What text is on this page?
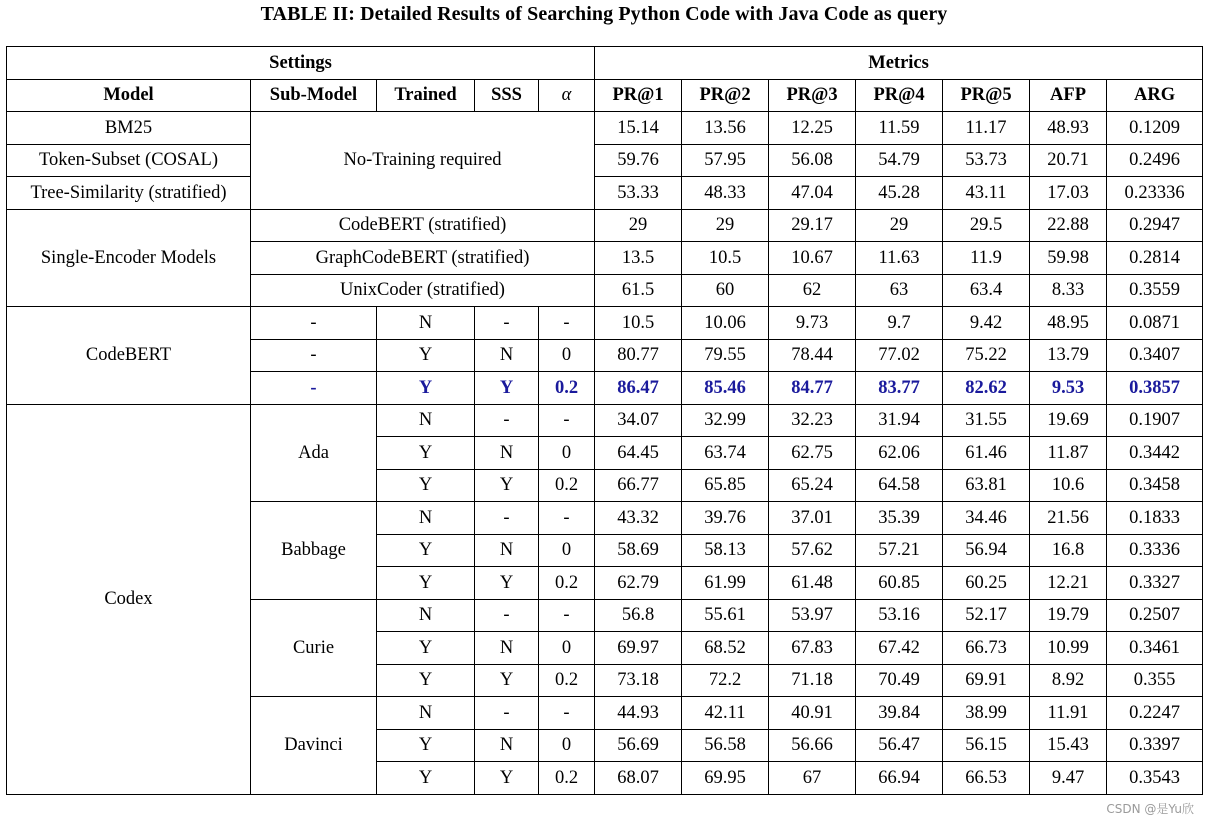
TABLE II: Detailed Results of Searching Python Code with Java Code as query
Settings					Metrics						
Model	Sub-Model	Trained	SSS	α	PR@1	PR@2	PR@3	PR@4	PR@5	AFP	ARG
BM25	No-Training required				15.14	13.56	12.25	11.59	11.17	48.93	0.1209
Token-Subset (COSAL)					59.76	57.95	56.08	54.79	53.73	20.71	0.2496
Tree-Similarity (stratified)					53.33	48.33	47.04	45.28	43.11	17.03	0.23336
Single-Encoder Models	CodeBERT (stratified)				29	29	29.17	29	29.5	22.88	0.2947
	GraphCodeBERT (stratified)				13.5	10.5	10.67	11.63	11.9	59.98	0.2814
	UnixCoder (stratified)				61.5	60	62	63	63.4	8.33	0.3559
CodeBERT	-	N	-	-	10.5	10.06	9.73	9.7	9.42	48.95	0.0871
	-	Y	N	0	80.77	79.55	78.44	77.02	75.22	13.79	0.3407
	-	Y	Y	0.2	86.47	85.46	84.77	83.77	82.62	9.53	0.3857
Codex	Ada	N	-	-	34.07	32.99	32.23	31.94	31.55	19.69	0.1907
		Y	N	0	64.45	63.74	62.75	62.06	61.46	11.87	0.3442
		Y	Y	0.2	66.77	65.85	65.24	64.58	63.81	10.6	0.3458
	Babbage	N	-	-	43.32	39.76	37.01	35.39	34.46	21.56	0.1833
		Y	N	0	58.69	58.13	57.62	57.21	56.94	16.8	0.3336
		Y	Y	0.2	62.79	61.99	61.48	60.85	60.25	12.21	0.3327
	Curie	N	-	-	56.8	55.61	53.97	53.16	52.17	19.79	0.2507
		Y	N	0	69.97	68.52	67.83	67.42	66.73	10.99	0.3461
		Y	Y	0.2	73.18	72.2	71.18	70.49	69.91	8.92	0.355
	Davinci	N	-	-	44.93	42.11	40.91	39.84	38.99	11.91	0.2247
		Y	N	0	56.69	56.58	56.66	56.47	56.15	15.43	0.3397
		Y	Y	0.2	68.07	69.95	67	66.94	66.53	9.47	0.3543
CSDN @是Yu欣
